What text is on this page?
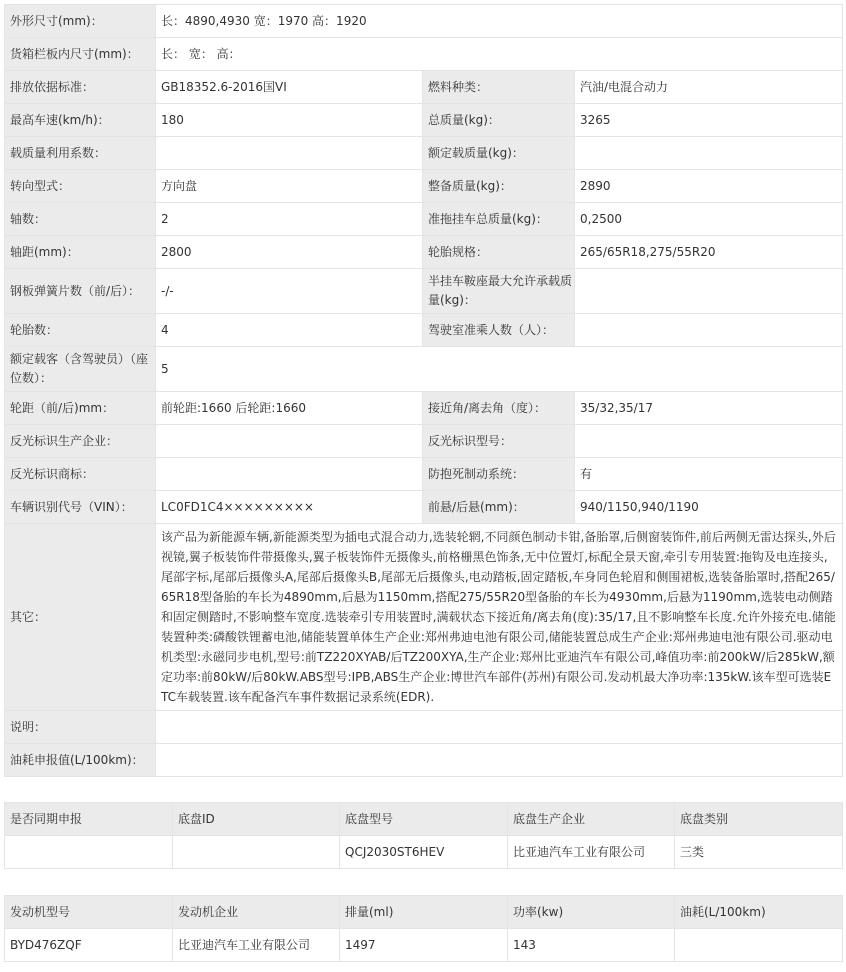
外形尺寸(mm)：	长：4890,4930 宽：1970 高：1920		
货箱栏板内尺寸(mm)：	长： 宽： 高：		
排放依据标准：	GB18352.6-2016国VI	燃料种类：	汽油/电混合动力
最高车速(km/h)：	180	总质量(kg)：	3265
载质量利用系数：		额定载质量(kg)：	
转向型式：	方向盘	整备质量(kg)：	2890
轴数：	2	准拖挂车总质量(kg)：	0,2500
轴距(mm)：	2800	轮胎规格：	265/65R18,275/55R20
钢板弹簧片数（前/后）：	-/-	半挂车鞍座最大允许承载质量(kg)：	
轮胎数：	4	驾驶室准乘人数（人）：	
额定载客（含驾驶员）（座位数）：	5		
轮距（前/后)mm：	前轮距:1660 后轮距:1660	接近角/离去角（度）：	35/32,35/17
反光标识生产企业：		反光标识型号：	
反光标识商标：		防抱死制动系统：	有
车辆识别代号（VIN）：	LC0FD1C4×××××××××	前悬/后悬(mm)：	940/1150,940/1190
其它：	该产品为新能源车辆,新能源类型为插电式混合动力,选装轮辋,不同颜色制动卡钳,备胎罩,后侧窗装饰件,前后两侧无雷达探头,外后视镜,翼子板装饰件带摄像头,翼子板装饰件无摄像头,前格栅黑色饰条,无中位置灯,标配全景天窗,牵引专用装置:拖钩及电连接头,尾部字标,尾部后摄像头A,尾部后摄像头B,尾部无后摄像头,电动踏板,固定踏板,车身同色轮眉和侧围裙板,选装备胎罩时,搭配265/65R18型备胎的车长为4890mm,后悬为1150mm,搭配275/55R20型备胎的车长为4930mm,后悬为1190mm,选装电动侧踏和固定侧踏时,不影响整车宽度.选装牵引专用装置时,满载状态下接近角/离去角(度):35/17,且不影响整车长度.允许外接充电.储能装置种类:磷酸铁锂蓄电池,储能装置单体生产企业:郑州弗迪电池有限公司,储能装置总成生产企业:郑州弗迪电池有限公司.驱动电机类型:永磁同步电机,型号:前TZ220XYAB/后TZ200XYA,生产企业:郑州比亚迪汽车有限公司,峰值功率:前200kW/后285kW,额定功率:前80kW/后80kW.ABS型号:IPB,ABS生产企业:博世汽车部件(苏州)有限公司.发动机最大净功率:135kW.该车型可选装ETC车载装置.该车配备汽车事件数据记录系统(EDR).		
说明：			
油耗申报值(L/100km)：			
是否同期申报	底盘ID	底盘型号	底盘生产企业	底盘类别
		QCJ2030ST6HEV	比亚迪汽车工业有限公司	三类
发动机型号	发动机企业	排量(ml)	功率(kw)	油耗(L/100km)
BYD476ZQF	比亚迪汽车工业有限公司	1497	143	
